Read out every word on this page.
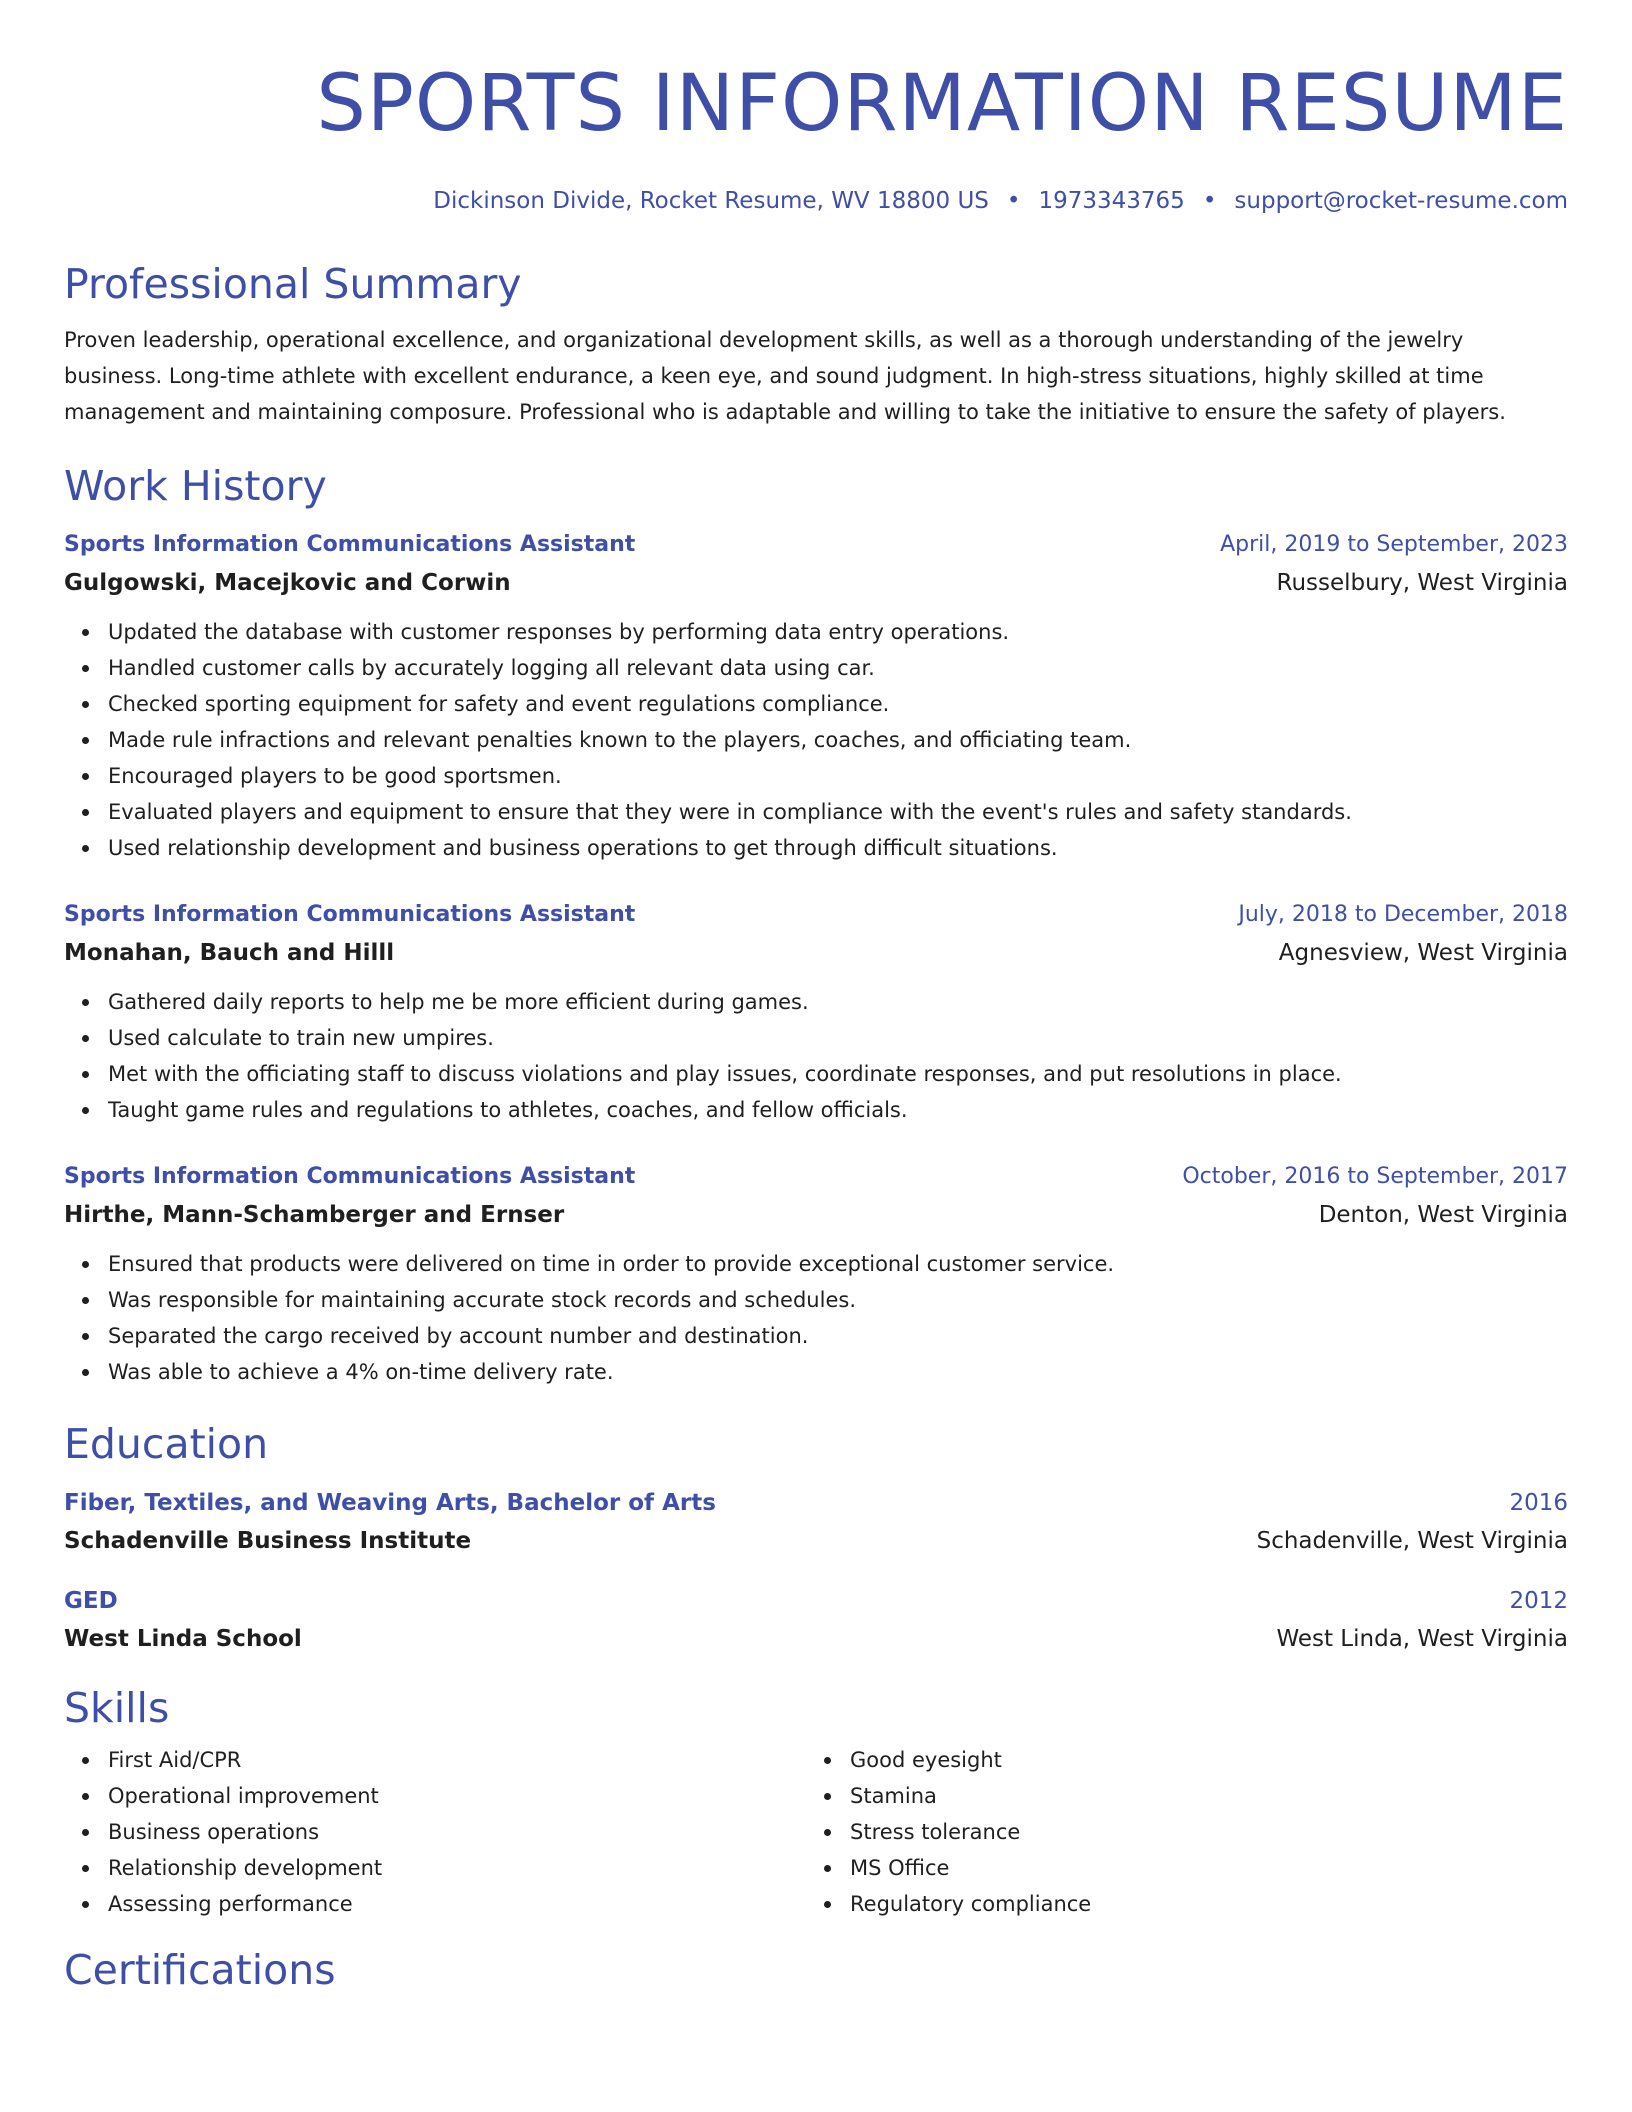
SPORTS INFORMATION RESUME
Dickinson Divide, Rocket Resume, WV 18800 US • 1973343765 • support@rocket-resume.com
Professional Summary
Proven leadership, operational excellence, and organizational development skills, as well as a thorough understanding of the jewelry business. Long-time athlete with excellent endurance, a keen eye, and sound judgment. In high-stress situations, highly skilled at time management and maintaining composure. Professional who is adaptable and willing to take the initiative to ensure the safety of players.
Work History
Sports Information Communications Assistant	April, 2019 to September, 2023
Gulgowski, Macejkovic and Corwin	Russelbury, West Virginia
Updated the database with customer responses by performing data entry operations.
Handled customer calls by accurately logging all relevant data using car.
Checked sporting equipment for safety and event regulations compliance.
Made rule infractions and relevant penalties known to the players, coaches, and officiating team.
Encouraged players to be good sportsmen.
Evaluated players and equipment to ensure that they were in compliance with the event's rules and safety standards.
Used relationship development and business operations to get through difficult situations.
Sports Information Communications Assistant	July, 2018 to December, 2018
Monahan, Bauch and Hilll	Agnesview, West Virginia
Gathered daily reports to help me be more efficient during games.
Used calculate to train new umpires.
Met with the officiating staff to discuss violations and play issues, coordinate responses, and put resolutions in place.
Taught game rules and regulations to athletes, coaches, and fellow officials.
Sports Information Communications Assistant	October, 2016 to September, 2017
Hirthe, Mann-Schamberger and Ernser	Denton, West Virginia
Ensured that products were delivered on time in order to provide exceptional customer service.
Was responsible for maintaining accurate stock records and schedules.
Separated the cargo received by account number and destination.
Was able to achieve a 4% on-time delivery rate.
Education
Fiber, Textiles, and Weaving Arts, Bachelor of Arts	2016
Schadenville Business Institute	Schadenville, West Virginia
GED	2012
West Linda School	West Linda, West Virginia
Skills
First Aid/CPR
Operational improvement
Business operations
Relationship development
Assessing performance
Good eyesight
Stamina
Stress tolerance
MS Office
Regulatory compliance
Certifications
